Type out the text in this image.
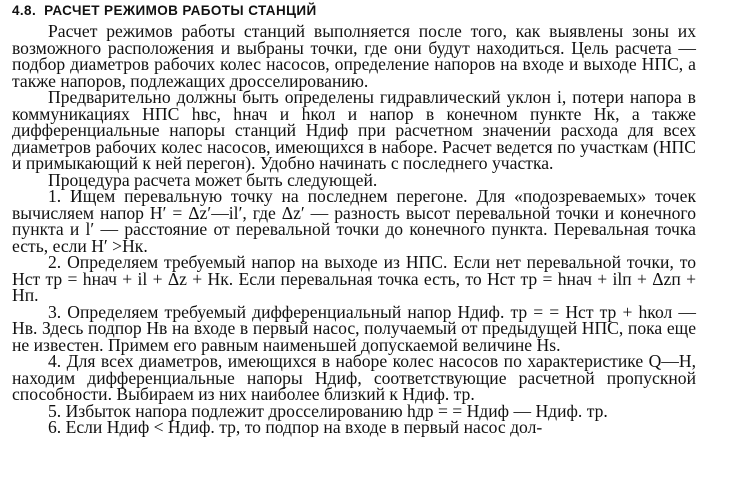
4.8. РАСЧЕТ РЕЖИМОВ РАБОТЫ СТАНЦИЙ

Расчет режимов работы станций выполняется после того, как выявлены зоны их возможного расположения и выбраны точки, где они будут находиться. Цель расчета — подбор диаметров рабочих колес насосов, определение напоров на входе и выходе НПС, а также напоров, подлежащих дросселированию.

Предварительно должны быть определены гидравлический уклон i, потери напора в коммуникациях НПС hвс, hнач и hкол и напор в конечном пункте Hк, а также дифференциальные напоры станций Hдиф при расчетном значении расхода для всех диаметров рабочих колес насосов, имеющихся в наборе. Расчет ведется по участкам (НПС и примыкающий к ней перегон). Удобно начинать с последнего участка.

Процедура расчета может быть следующей.

1. Ищем перевальную точку на последнем перегоне. Для «подозреваемых» точек вычисляем напор H′ = Δz′—il′, где Δz′ — разность высот перевальной точки и конечного пункта и l′ — расстояние от перевальной точки до конечного пункта. Перевальная точка есть, если H′ >Hк.

2. Определяем требуемый напор на выходе из НПС. Если нет перевальной точки, то Hст тр = hнач + il + Δz + Hк. Если перевальная точка есть, то Hст тр = hнач + ilп + Δzп + Hп.

3. Определяем требуемый дифференциальный напор Hдиф. тр = = Hст тр + hкол — Hв. Здесь подпор Hв на входе в первый насос, получаемый от предыдущей НПС, пока еще не известен. Примем его равным наименьшей допускаемой величине Hs.

4. Для всех диаметров, имеющихся в наборе колес насосов по характеристике Q—H, находим дифференциальные напоры Hдиф, соответствующие расчетной пропускной способности. Выбираем из них наиболее близкий к Hдиф. тр.

5. Избыток напора подлежит дросселированию hдр = = Hдиф — Hдиф. тр.

6. Если Hдиф < Hдиф. тр, то подпор на входе в первый насос дол-
